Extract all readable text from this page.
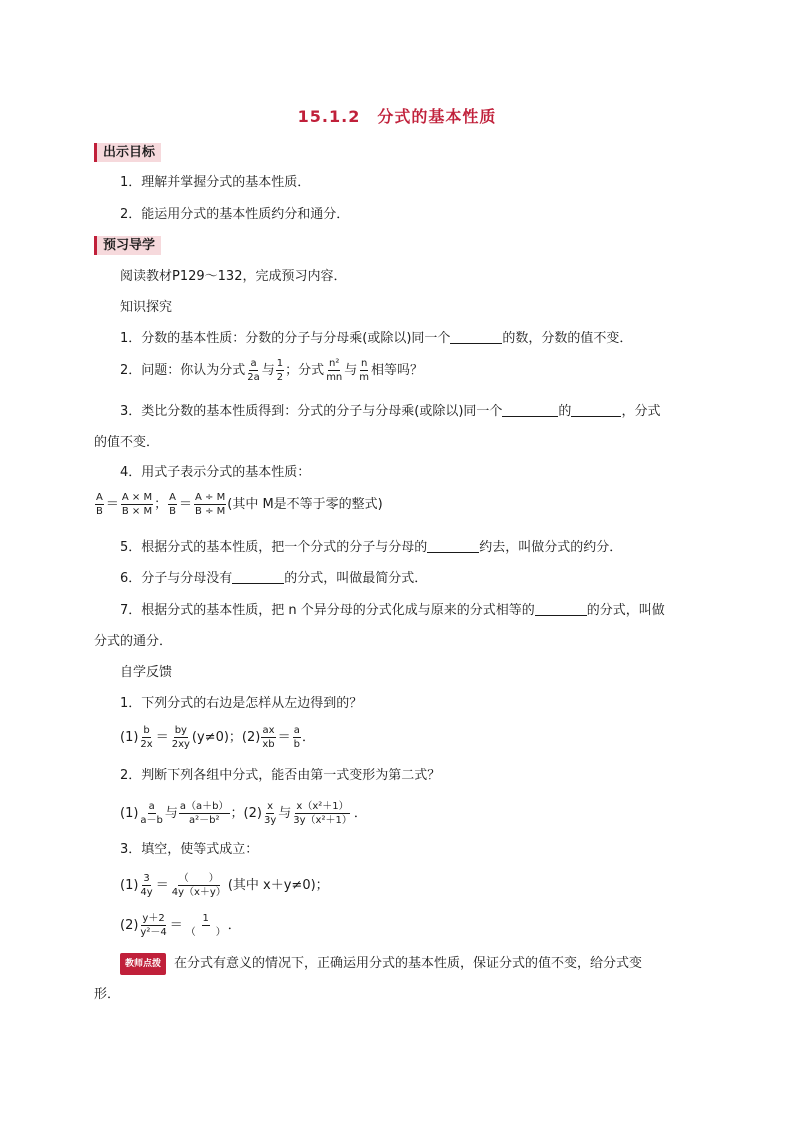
15.1.2　分式的基本性质
出示目标
1．理解并掌握分式的基本性质．
2．能运用分式的基本性质约分和通分．
预习导学
阅读教材P129～132，完成预习内容．
知识探究
1．分数的基本性质：分数的分子与分母乘(或除以)同一个	的数，分数的值不变．
2．问题：你认为分式 $\frac{a}{2a}$ 与 $\frac{1}{2}$ ；分式 $\frac{\text{n²}}{mn}$ 与 $\frac{n}{m}$ 相等吗？
3．类比分数的基本性质得到：分式的分子与分母乘(或除以)同一个	的	，分式
的值不变．
4．用式子表示分式的基本性质：
$\frac{A}{B} = \frac{A \times M}{B \times M}$ ； $\frac{A}{B} = \frac{A \div M}{B \div M}$ (其中 M是不等于零的整式)
5．根据分式的基本性质，把一个分式的分子与分母的	约去，叫做分式的约分．
6．分子与分母没有	的分式，叫做最简分式．
7．根据分式的基本性质，把 n 个异分母的分式化成与原来的分式相等的	的分式，叫做
分式的通分．
自学反馈
1．下列分式的右边是怎样从左边得到的？
$(1) \frac{b}{2x} = \frac{by}{2xy} (y\ne 0)$；$(2) \frac{ax}{xb} = \frac{a}{b}$ ．
2．判断下列各组中分式，能否由第一式变形为第二式？
$(1) \frac{a}{a-b}$ 与 $\frac{a(a+b)}{\text{a²－b²}}$ ；$(2) \frac{x}{3y}$ 与 $\frac{\text{x（x²＋1）}}{\text{3y（x²＋1）}}$ ．
3．填空，使等式成立：
$(1) \frac{3}{4y} = \frac{( )}{4y(x+y)}$ (其中 x＋y≠0)；
$(2) \frac{y+2}{\text{y²－4}} = \frac{1}{( )}$ ．
教师点拨 在分式有意义的情况下，正确运用分式的基本性质，保证分式的值不变，给分式变
形．
